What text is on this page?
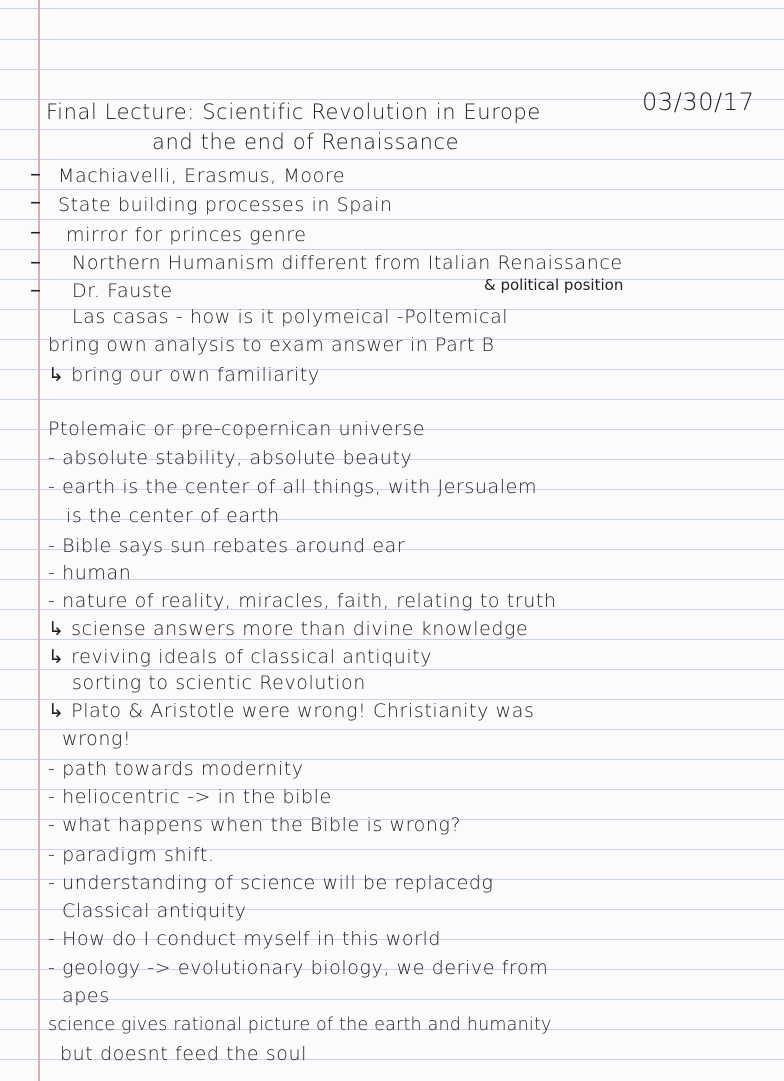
03/30/17
Final Lecture: Scientific Revolution in Europe
and the end of Renaissance
–
–
–
–
–	& political position
Machiavelli, Erasmus, Moore
State building processes in Spain
mirror for princes genre
Northern Humanism different from Italian Renaissance
Dr. Fauste
Las casas - how is it polymeical -Poltemical
bring own analysis to exam answer in Part B
↳ bring our own familiarity
Ptolemaic or pre-copernican universe
- absolute stability, absolute beauty
- earth is the center of all things, with Jersualem
is the center of earth
- Bible says sun rebates around ear
- human
- nature of reality, miracles, faith, relating to truth
↳ sciense answers more than divine knowledge
↳ reviving ideals of classical antiquity
sorting to scientic Revolution
↳ Plato & Aristotle were wrong! Christianity was
wrong!
- path towards modernity
- heliocentric -> in the bible
- what happens when the Bible is wrong?
- paradigm shift.
- understanding of science will be replacedg
Classical antiquity
- How do I conduct myself in this world
- geology -> evolutionary biology, we derive from
apes
science gives rational picture of the earth and humanity
but doesnt feed the soul
